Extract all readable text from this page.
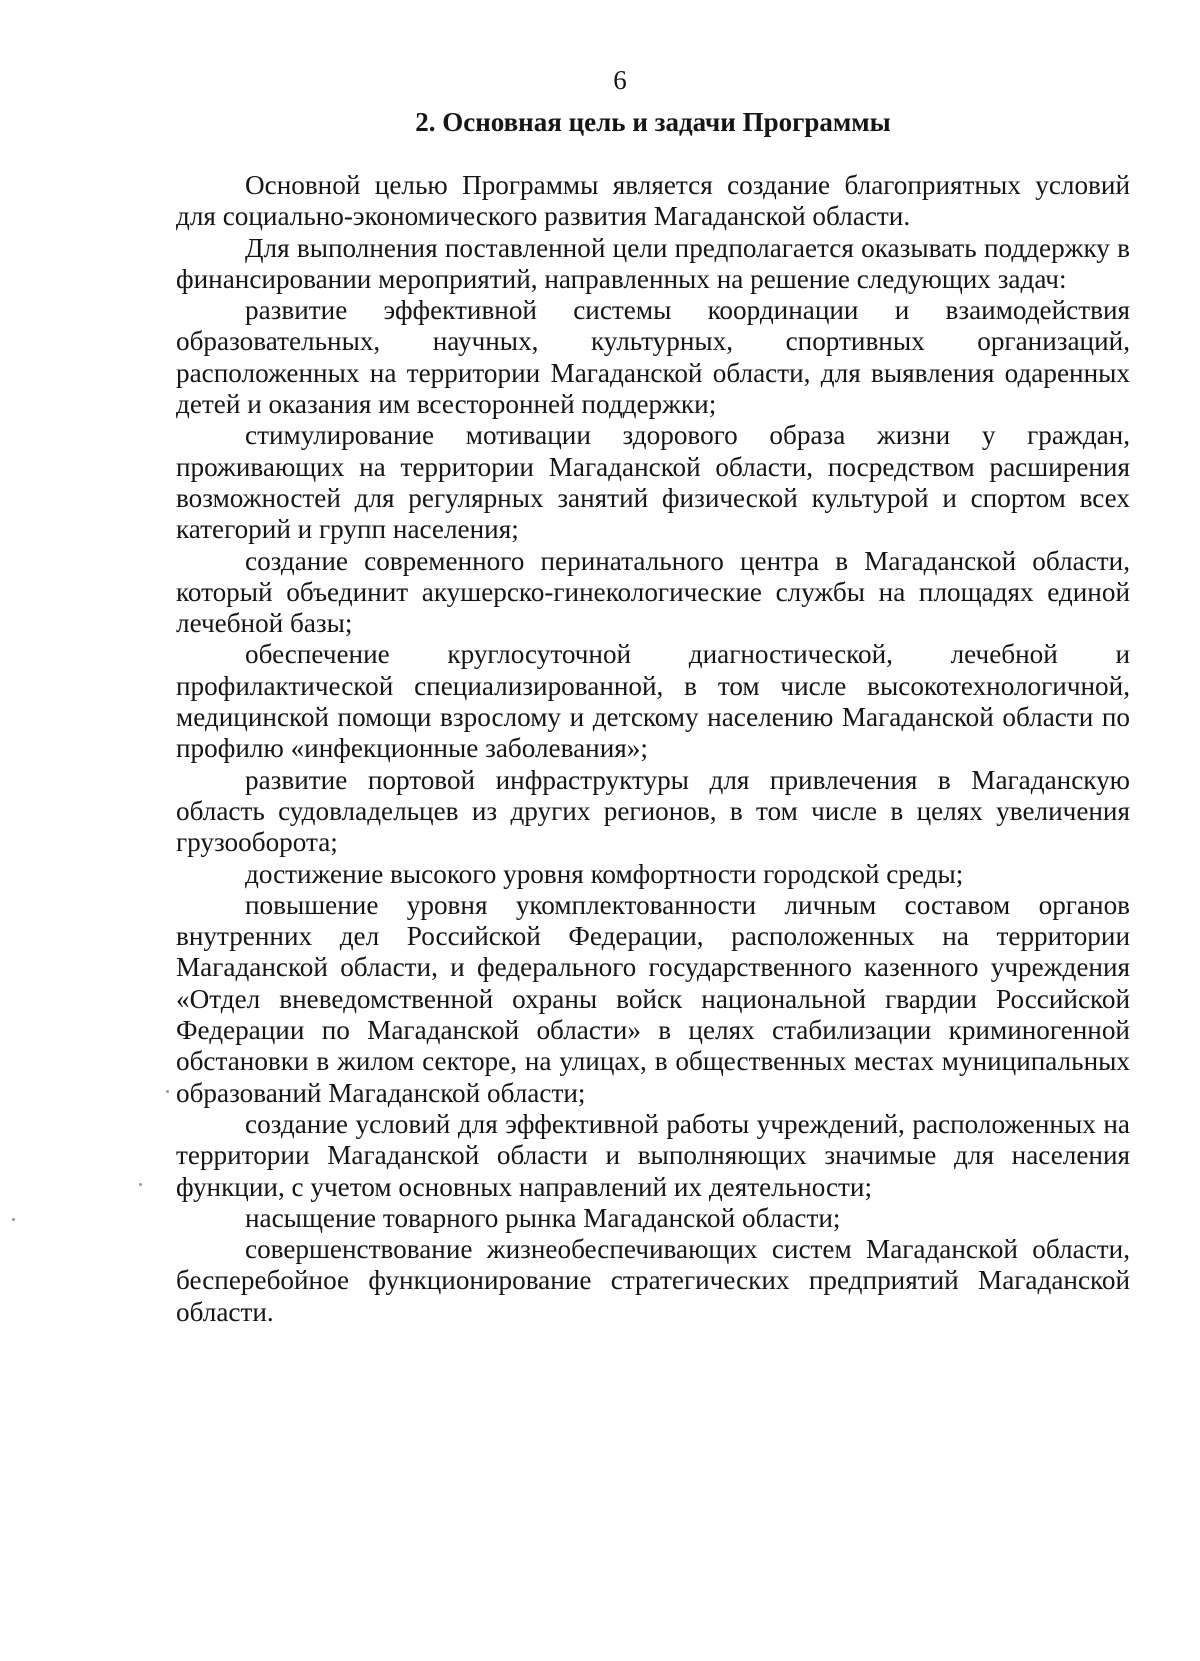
6
2. Основная цель и задачи Программы

Основной целью Программы является создание благоприятных условий для социально-экономического развития Магаданской области.

Для выполнения поставленной цели предполагается оказывать поддержку в финансировании мероприятий, направленных на решение следующих задач:

развитие эффективной системы координации и взаимодействия образовательных, научных, культурных, спортивных организаций, расположенных на территории Магаданской области, для выявления одаренных детей и оказания им всесторонней поддержки;

стимулирование мотивации здорового образа жизни у граждан, проживающих на территории Магаданской области, посредством расширения возможностей для регулярных занятий физической культурой и спортом всех категорий и групп населения;

создание современного перинатального центра в Магаданской области, который объединит акушерско-гинекологические службы на площадях единой лечебной базы;

обеспечение круглосуточной диагностической, лечебной и профилактической специализированной, в том числе высокотехнологичной, медицинской помощи взрослому и детскому населению Магаданской области по профилю «инфекционные заболевания»;

развитие портовой инфраструктуры для привлечения в Магаданскую область судовладельцев из других регионов, в том числе в целях увеличения грузооборота;

достижение высокого уровня комфортности городской среды;

повышение уровня укомплектованности личным составом органов внутренних дел Российской Федерации, расположенных на территории Магаданской области, и федерального государственного казенного учреждения «Отдел вневедомственной охраны войск национальной гвардии Российской Федерации по Магаданской области» в целях стабилизации криминогенной обстановки в жилом секторе, на улицах, в общественных местах муниципальных образований Магаданской области;

создание условий для эффективной работы учреждений, расположенных на территории Магаданской области и выполняющих значимые для населения функции, с учетом основных направлений их деятельности;

насыщение товарного рынка Магаданской области;

совершенствование жизнеобеспечивающих систем Магаданской области, бесперебойное функционирование стратегических предприятий Магаданской области.
